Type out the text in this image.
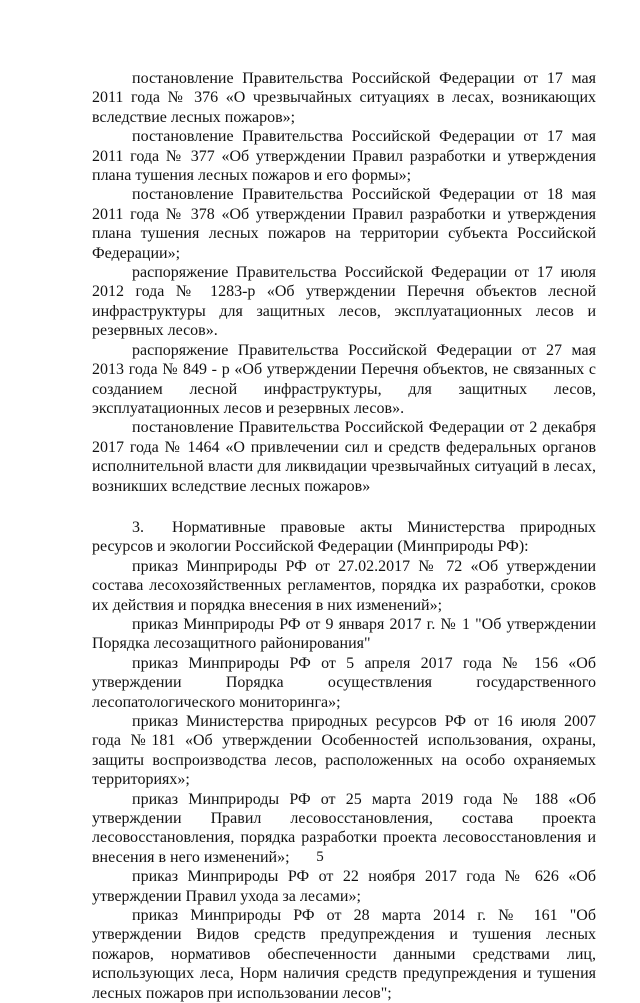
постановление Правительства Российской Федерации от 17 мая 2011 года № 376 «О чрезвычайных ситуациях в лесах, возникающих вследствие лесных пожаров»;

постановление Правительства Российской Федерации от 17 мая 2011 года № 377 «Об утверждении Правил разработки и утверждения плана тушения лесных пожаров и его формы»;

постановление Правительства Российской Федерации от 18 мая 2011 года № 378 «Об утверждении Правил разработки и утверждения плана тушения лесных пожаров на территории субъекта Российской Федерации»;

распоряжение Правительства Российской Федерации от 17 июля 2012 года № 1283-р «Об утверждении Перечня объектов лесной инфраструктуры для защитных лесов, эксплуатационных лесов и резервных лесов».

распоряжение Правительства Российской Федерации от 27 мая 2013 года № 849 - р «Об утверждении Перечня объектов, не связанных с созданием лесной инфраструктуры, для защитных лесов, эксплуатационных лесов и резервных лесов».

постановление Правительства Российской Федерации от 2 декабря 2017 года № 1464 «О привлечении сил и средств федеральных органов исполнительной власти для ликвидации чрезвычайных ситуаций в лесах, возникших вследствие лесных пожаров»

3. Нормативные правовые акты Министерства природных ресурсов и экологии Российской Федерации (Минприроды РФ):

приказ Минприроды РФ от 27.02.2017 № 72 «Об утверждении состава лесохозяйственных регламентов, порядка их разработки, сроков их действия и порядка внесения в них изменений»;

приказ Минприроды РФ от 9 января 2017 г. № 1 "Об утверждении Порядка лесозащитного районирования"

приказ Минприроды РФ от 5 апреля 2017 года № 156 «Об утверждении Порядка осуществления государственного лесопатологического мониторинга»;

приказ Министерства природных ресурсов РФ от 16 июля 2007 года №181 «Об утверждении Особенностей использования, охраны, защиты воспроизводства лесов, расположенных на особо охраняемых территориях»;

приказ Минприроды РФ от 25 марта 2019 года № 188 «Об утверждении Правил лесовосстановления, состава проекта лесовосстановления, порядка разработки проекта лесовосстановления и внесения в него изменений»;

приказ Минприроды РФ от 22 ноября 2017 года № 626 «Об утверждении Правил ухода за лесами»;

приказ Минприроды РФ от 28 марта 2014 г. № 161 "Об утверждении Видов средств предупреждения и тушения лесных пожаров, нормативов обеспеченности данными средствами лиц, использующих леса, Норм наличия средств предупреждения и тушения лесных пожаров при использовании лесов";

5
